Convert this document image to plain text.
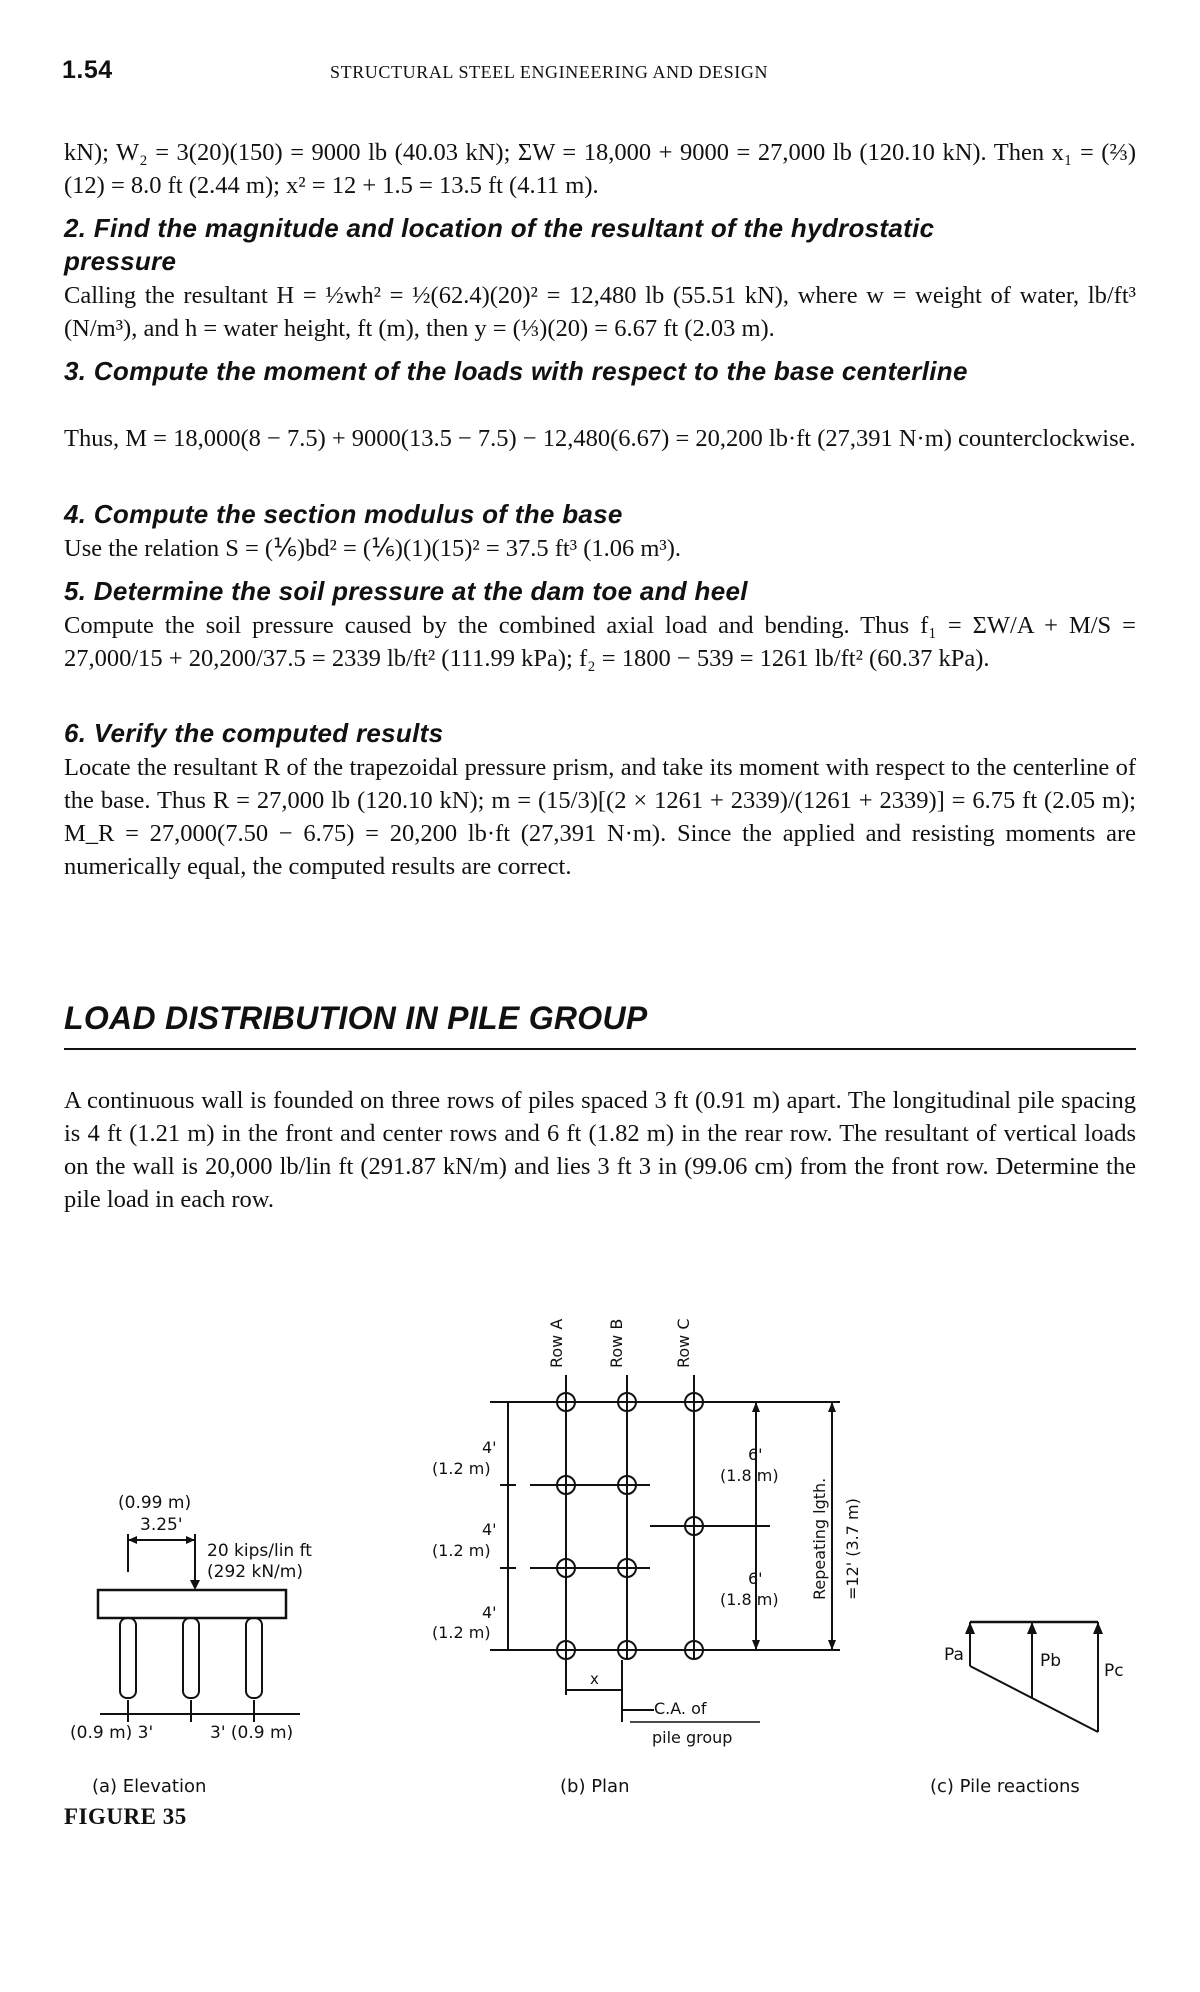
1.54	STRUCTURAL STEEL ENGINEERING AND DESIGN
kN); W₂ = 3(20)(150) = 9000 lb (40.03 kN); ΣW = 18,000 + 9000 = 27,000 lb (120.10 kN). Then x₁ = (⅔)(12) = 8.0 ft (2.44 m); x² = 12 + 1.5 = 13.5 ft (4.11 m).
2. Find the magnitude and location of the resultant of the hydrostatic pressure
Calling the resultant H = ½wh² = ½(62.4)(20)² = 12,480 lb (55.51 kN), where w = weight of water, lb/ft³ (N/m³), and h = water height, ft (m), then y = (⅓)(20) = 6.67 ft (2.03 m).
3. Compute the moment of the loads with respect to the base centerline
Thus, M = 18,000(8 − 7.5) + 9000(13.5 − 7.5) − 12,480(6.67) = 20,200 lb·ft (27,391 N·m) counterclockwise.
4. Compute the section modulus of the base
Use the relation S = (⅙)bd² = (⅙)(1)(15)² = 37.5 ft³ (1.06 m³).
5. Determine the soil pressure at the dam toe and heel
Compute the soil pressure caused by the combined axial load and bending. Thus f₁ = ΣW/A + M/S = 27,000/15 + 20,200/37.5 = 2339 lb/ft² (111.99 kPa); f₂ = 1800 − 539 = 1261 lb/ft² (60.37 kPa).
6. Verify the computed results
Locate the resultant R of the trapezoidal pressure prism, and take its moment with respect to the centerline of the base. Thus R = 27,000 lb (120.10 kN); m = (15/3)[(2 × 1261 + 2339)/(1261 + 2339)] = 6.75 ft (2.05 m); M_R = 27,000(7.50 − 6.75) = 20,200 lb·ft (27,391 N·m). Since the applied and resisting moments are numerically equal, the computed results are correct.
LOAD DISTRIBUTION IN PILE GROUP
A continuous wall is founded on three rows of piles spaced 3 ft (0.91 m) apart. The longitudinal pile spacing is 4 ft (1.21 m) in the front and center rows and 6 ft (1.82 m) in the rear row. The resultant of vertical loads on the wall is 20,000 lb/lin ft (291.87 kN/m) and lies 3 ft 3 in (99.06 cm) from the front row. Determine the pile load in each row.
(0.99 m)
3.25'
20 kips/lin ft
(292 kN/m)
(0.9 m) 3'	3' (0.9 m)
(a) Elevation
Row A	Row B	Row C
4'
(1.2 m)
4'
(1.2 m)
4'
(1.2 m)
6'
(1.8 m)
6'
(1.8 m) Repeating lgth. =12' (3.7 m)
x
C.A. of
pile group
(b) Plan
Pa	Pb	Pc
(c) Pile reactions
FIGURE 35
